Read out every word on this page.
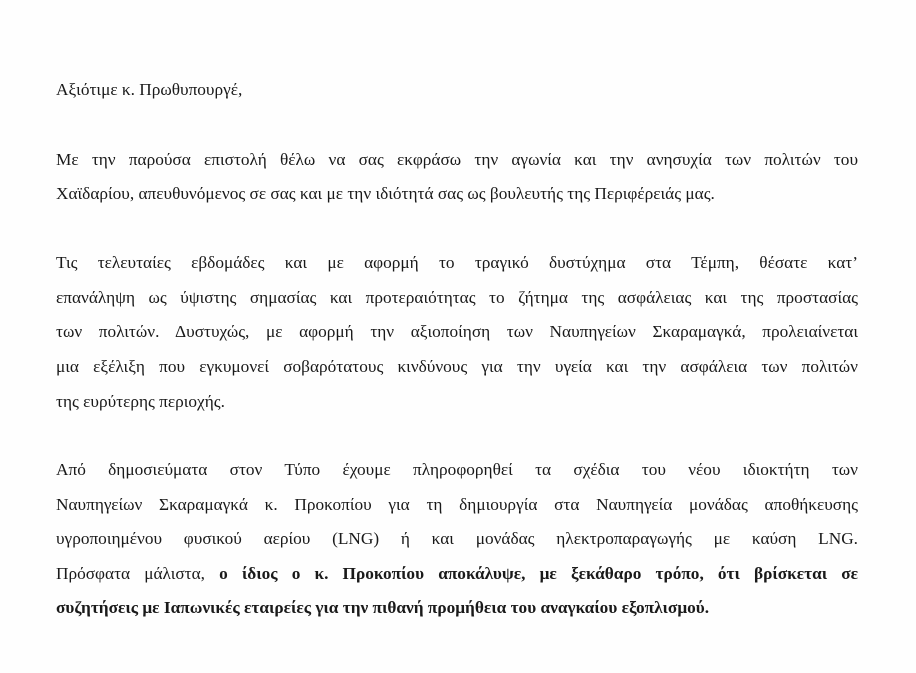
Αξιότιμε κ. Πρωθυπουργέ,
Με την παρούσα επιστολή θέλω να σας εκφράσω την αγωνία και την ανησυχία των πολιτών του
Χαϊδαρίου, απευθυνόμενος σε σας και με την ιδιότητά σας ως βουλευτής της Περιφέρειάς μας.
Τις τελευταίες εβδομάδες και με αφορμή το τραγικό δυστύχημα στα Τέμπη, θέσατε κατ’
επανάληψη ως ύψιστης σημασίας και προτεραιότητας το ζήτημα της ασφάλειας και της προστασίας
των πολιτών. Δυστυχώς, με αφορμή την αξιοποίηση των Ναυπηγείων Σκαραμαγκά, προλειαίνεται
μια εξέλιξη που εγκυμονεί σοβαρότατους κινδύνους για την υγεία και την ασφάλεια των πολιτών
της ευρύτερης περιοχής.
Από δημοσιεύματα στον Τύπο έχουμε πληροφορηθεί τα σχέδια του νέου ιδιοκτήτη των
Ναυπηγείων Σκαραμαγκά κ. Προκοπίου για τη δημιουργία στα Ναυπηγεία μονάδας αποθήκευσης
υγροποιημένου φυσικού αερίου (LNG) ή και μονάδας ηλεκτροπαραγωγής με καύση LNG.
Πρόσφατα μάλιστα, ο ίδιος ο κ. Προκοπίου αποκάλυψε, με ξεκάθαρο τρόπο, ότι βρίσκεται σε
συζητήσεις με Ιαπωνικές εταιρείες για την πιθανή προμήθεια του αναγκαίου εξοπλισμού.
